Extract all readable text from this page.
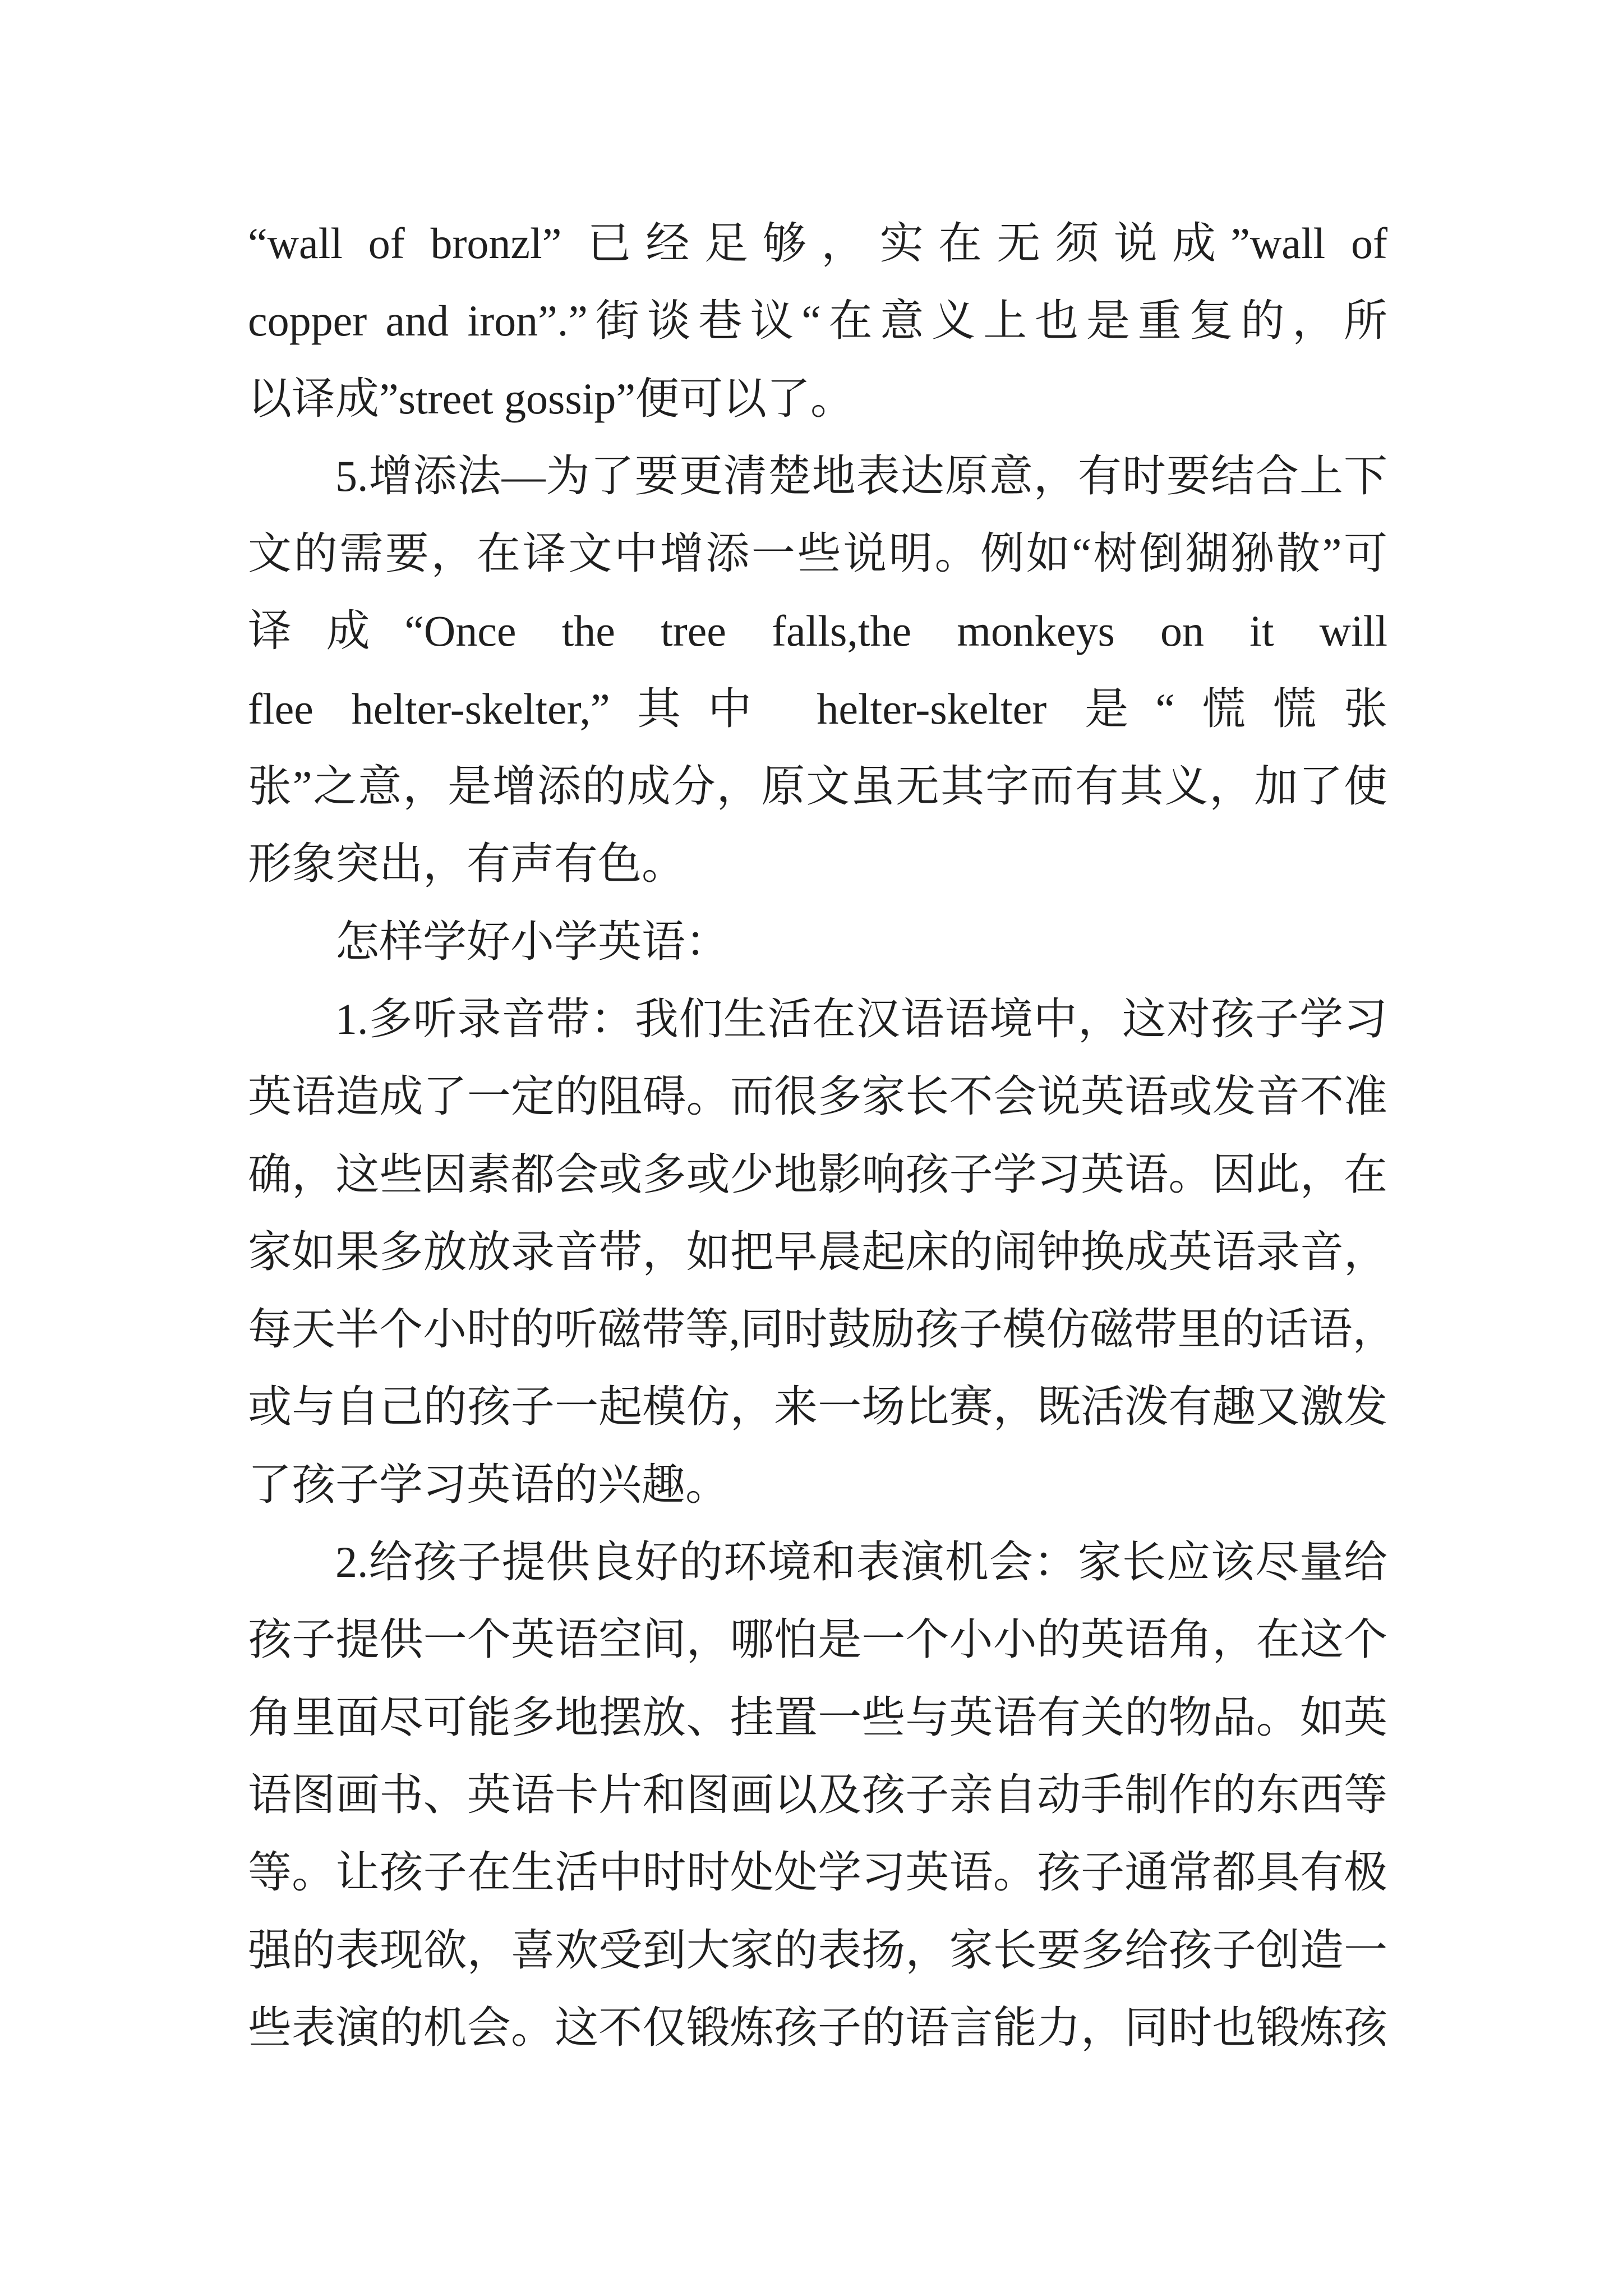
“wall of bronzl” 已经足够，实在无须说成”wall of
copper and iron”.”街谈巷议“在意义上也是重复的，所
以译成”street gossip”便可以了。
5.增添法—为了要更清楚地表达原意，有时要结合上下
文的需要，在译文中增添一些说明。例如“树倒猢狲散”可
译成“Once the tree falls,the monkeys on it will
flee helter-skelter,”其中 helter-skelter 是“慌慌张
张”之意，是增添的成分，原文虽无其字而有其义，加了使
形象突出，有声有色。
怎样学好小学英语：
1.多听录音带：我们生活在汉语语境中，这对孩子学习
英语造成了一定的阻碍。而很多家长不会说英语或发音不准
确，这些因素都会或多或少地影响孩子学习英语。因此，在
家如果多放放录音带，如把早晨起床的闹钟换成英语录音，
每天半个小时的听磁带等,同时鼓励孩子模仿磁带里的话语，
或与自己的孩子一起模仿，来一场比赛，既活泼有趣又激发
了孩子学习英语的兴趣。
2.给孩子提供良好的环境和表演机会：家长应该尽量给
孩子提供一个英语空间，哪怕是一个小小的英语角，在这个
角里面尽可能多地摆放、挂置一些与英语有关的物品。如英
语图画书、英语卡片和图画以及孩子亲自动手制作的东西等
等。让孩子在生活中时时处处学习英语。孩子通常都具有极
强的表现欲，喜欢受到大家的表扬，家长要多给孩子创造一
些表演的机会。这不仅锻炼孩子的语言能力，同时也锻炼孩
